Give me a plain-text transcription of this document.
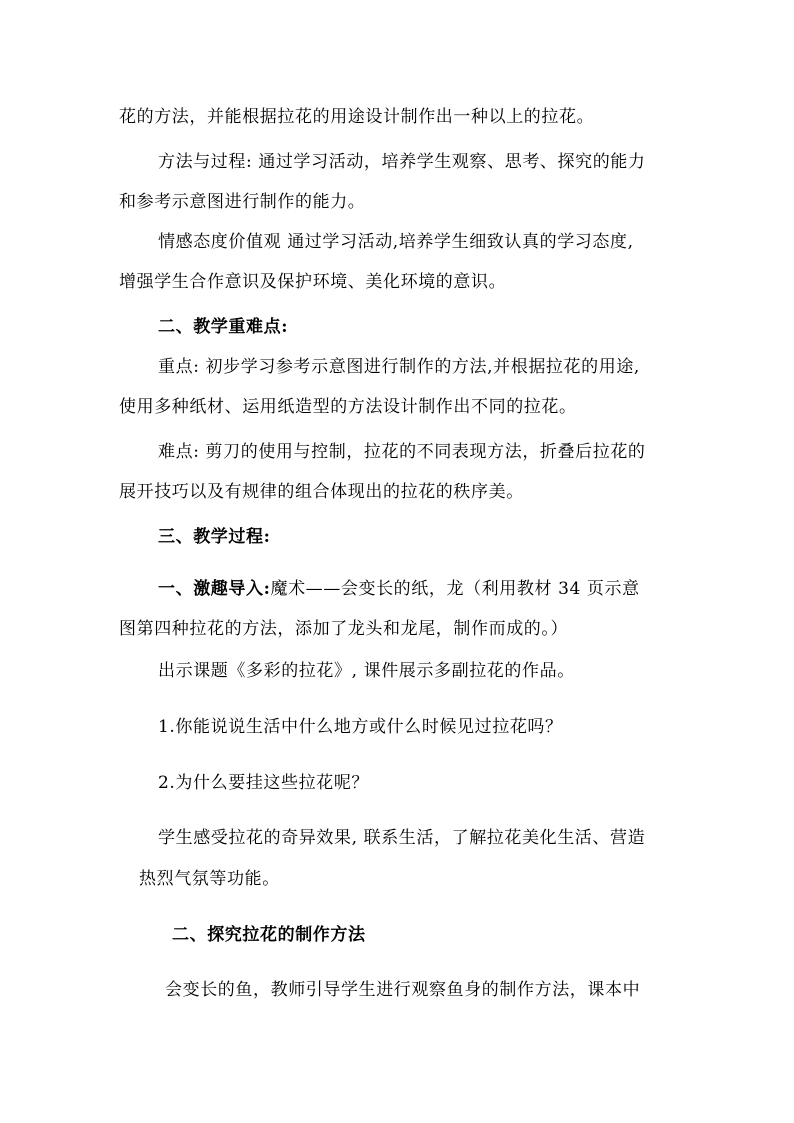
花的方法，并能根据拉花的用途设计制作出一种以上的拉花。
方法与过程: 通过学习活动，培养学生观察、思考、探究的能力
和参考示意图进行制作的能力。
情感态度价值观 通过学习活动,培养学生细致认真的学习态度,
增强学生合作意识及保护环境、美化环境的意识。
二、教学重难点:
重点: 初步学习参考示意图进行制作的方法,并根据拉花的用途,
使用多种纸材、运用纸造型的方法设计制作出不同的拉花。
难点: 剪刀的使用与控制，拉花的不同表现方法，折叠后拉花的
展开技巧以及有规律的组合体现出的拉花的秩序美。
三、教学过程:
一、激趣导入:魔术——会变长的纸，龙（利用教材 34 页示意
图第四种拉花的方法，添加了龙头和龙尾，制作而成的。）
出示课题《多彩的拉花》, 课件展示多副拉花的作品。
1.你能说说生活中什么地方或什么时候见过拉花吗？
2.为什么要挂这些拉花呢？
学生感受拉花的奇异效果, 联系生活，了解拉花美化生活、营造
热烈气氛等功能。
二、探究拉花的制作方法
会变长的鱼，教师引导学生进行观察鱼身的制作方法，课本中
